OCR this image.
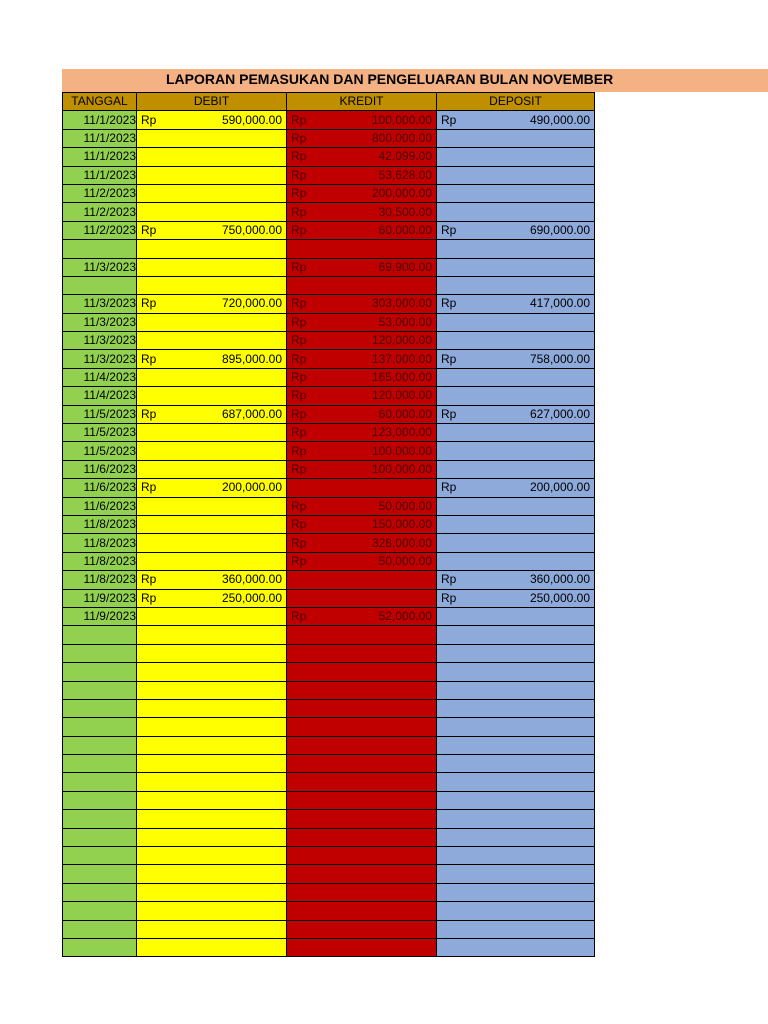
LAPORAN PEMASUKAN DAN PENGELUARAN BULAN NOVEMBER
TANGGAL	DEBIT	KREDIT	DEPOSIT
11/1/2023	Rp 590,000.00	Rp 100,000.00	Rp 490,000.00

11/1/2023		Rp 800,000.00	

11/1/2023		Rp 42,099.00	

11/1/2023		Rp 53,628.00	

11/2/2023		Rp 200,000.00	

11/2/2023		Rp 30,500.00	

11/2/2023	Rp 750,000.00	Rp 60,000.00	Rp 690,000.00

11/3/2023		Rp 69,900.00	

11/3/2023	Rp 720,000.00	Rp 303,000.00	Rp 417,000.00

11/3/2023		Rp 53,000.00	

11/3/2023		Rp 120,000.00	

11/3/2023	Rp 895,000.00	Rp 137,000.00	Rp 758,000.00

11/4/2023		Rp 165,000.00	

11/4/2023		Rp 120,000.00	

11/5/2023	Rp 687,000.00	Rp 60,000.00	Rp 627,000.00

11/5/2023		Rp 123,000.00	

11/5/2023		Rp 100,000.00	

11/6/2023		Rp 100,000.00	

11/6/2023	Rp 200,000.00		Rp 200,000.00

11/6/2023		Rp 50,000.00	

11/8/2023		Rp 150,000.00	

11/8/2023		Rp 328,000.00	

11/8/2023		Rp 50,000.00	

11/8/2023	Rp 360,000.00		Rp 360,000.00

11/9/2023	Rp 250,000.00		Rp 250,000.00

11/9/2023		Rp 52,000.00	
